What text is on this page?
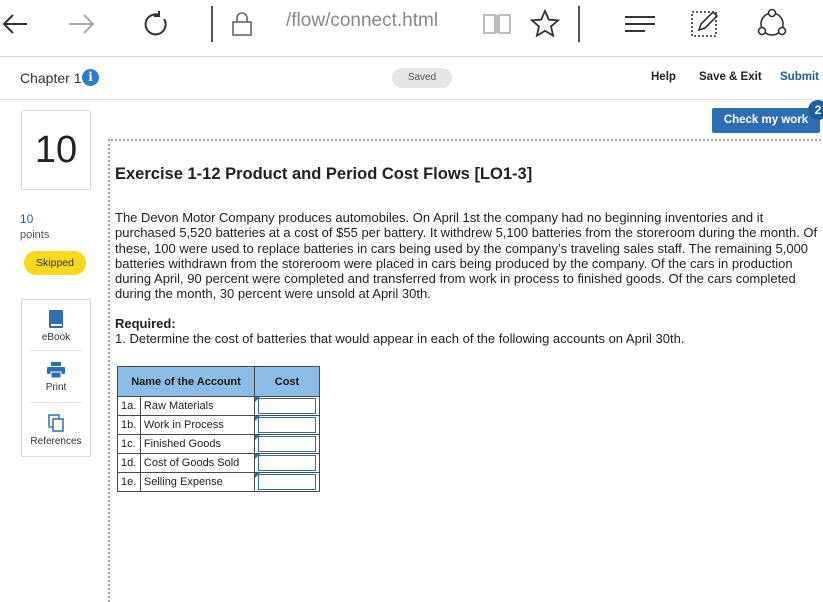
/flow/connect.html
Chapter 1 i	Saved	Help Save & Exit Submit
10
10
points
Skipped
eBook
Print
References
Check my work
2
Exercise 1-12 Product and Period Cost Flows [LO1-3]

The Devon Motor Company produces automobiles. On April 1st the company had no beginning inventories and it purchased 5,520 batteries at a cost of $55 per battery. It withdrew 5,100 batteries from the storeroom during the month. Of these, 100 were used to replace batteries in cars being used by the company’s traveling sales staff. The remaining 5,000 batteries withdrawn from the storeroom were placed in cars being produced by the company. Of the cars in production during April, 90 percent were completed and transferred from work in process to finished goods. Of the cars completed during the month, 30 percent were unsold at April 30th.

Required:
1. Determine the cost of batteries that would appear in each of the following accounts on April 30th.
Name of the Account		Cost
1a.	Raw Materials	

1b.	Work in Process	

1c.	Finished Goods	

1d.	Cost of Goods Sold	

1e.	Selling Expense	
